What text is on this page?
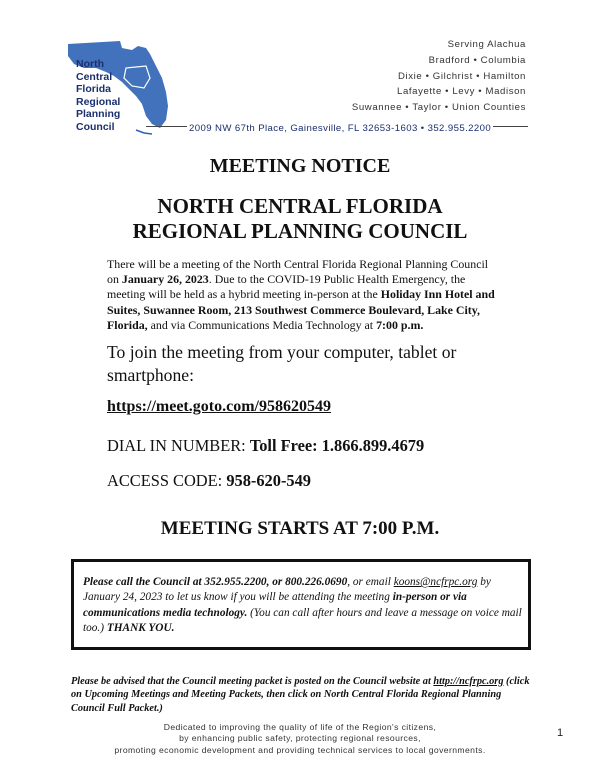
North
Central
Florida
Regional
Planning
Council
Serving Alachua
Bradford • Columbia
Dixie • Gilchrist • Hamilton
Lafayette • Levy • Madison
Suwannee • Taylor • Union Counties
2009 NW 67th Place, Gainesville, FL 32653-1603 • 352.955.2200
MEETING NOTICE
NORTH CENTRAL FLORIDA
REGIONAL PLANNING COUNCIL
There will be a meeting of the North Central Florida Regional Planning Council on January 26, 2023. Due to the COVID-19 Public Health Emergency, the meeting will be held as a hybrid meeting in-person at the Holiday Inn Hotel and Suites, Suwannee Room, 213 Southwest Commerce Boulevard, Lake City, Florida, and via Communications Media Technology at 7:00 p.m.
To join the meeting from your computer, tablet or smartphone:
https://meet.goto.com/958620549
DIAL IN NUMBER: Toll Free: 1.866.899.4679
ACCESS CODE: 958-620-549
MEETING STARTS AT 7:00 P.M.
Please call the Council at 352.955.2200, or 800.226.0690, or email koons@ncfrpc.org by January 24, 2023 to let us know if you will be attending the meeting in-person or via communications media technology. (You can call after hours and leave a message on voice mail too.) THANK YOU.
Please be advised that the Council meeting packet is posted on the Council website at http://ncfrpc.org (click on Upcoming Meetings and Meeting Packets, then click on North Central Florida Regional Planning Council Full Packet.)
Dedicated to improving the quality of life of the Region's citizens,
by enhancing public safety, protecting regional resources,
promoting economic development and providing technical services to local governments.
1
